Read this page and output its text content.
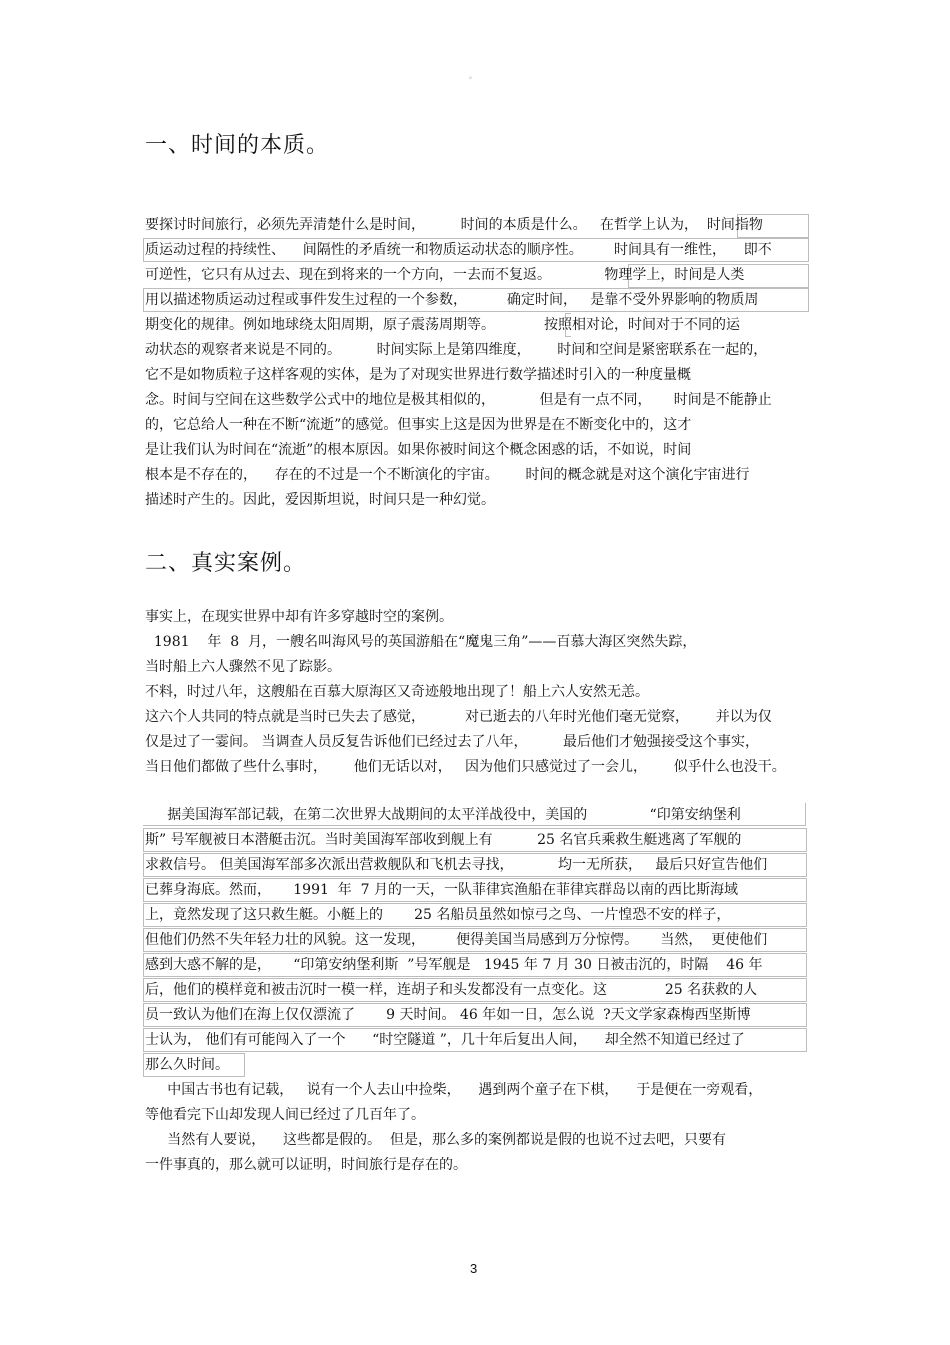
。
一、时间的本质。

要探讨时间旅行，必须先弄清楚什么是时间，        时间的本质是什么。   在哲学上认为，  时间指物

质运动过程的持续性、    间隔性的矛盾统一和物质运动状态的顺序性。       时间具有一维性，    即不

可逆性，它只有从过去、现在到将来的一个方向，一去而不复返。            物理学上，时间是人类

用以描述物质运动过程或事件发生过程的一个参数，         确定时间，   是靠不受外界影响的物质周

期变化的规律。例如地球绕太阳周期，原子震荡周期等。           按照相对论，时间对于不同的运

动状态的观察者来说是不同的。        时间实际上是第四维度，      时间和空间是紧密联系在一起的，

它不是如物质粒子这样客观的实体，是为了对现实世界进行数学描述时引入的一种度量概

念。时间与空间在这些数学公式中的地位是极其相似的，          但是有一点不同，     时间是不能静止

的，它总给人一种在不断“流逝”的感觉。但事实上这是因为世界是在不断变化中的，这才

是让我们认为时间在“流逝”的根本原因。如果你被时间这个概念困惑的话，不如说，时间

根本是不存在的，    存在的不过是一个不断演化的宇宙。      时间的概念就是对这个演化宇宙进行

描述时产生的。因此，爱因斯坦说，时间只是一种幻觉。

二、真实案例。

事实上，在现实世界中却有许多穿越时空的案例。

1981    年  8  月，一艘名叫海风号的英国游船在“魔鬼三角”——百慕大海区突然失踪，

当时船上六人骤然不见了踪影。

不料，时过八年，这艘船在百慕大原海区又奇迹般地出现了！船上六人安然无恙。

这六个人共同的特点就是当时已失去了感觉，         对已逝去的八年时光他们毫无觉察，      并以为仅

仅是过了一霎间。 当调查人员反复告诉他们已经过去了八年，        最后他们才勉强接受这个事实，

当日他们都做了些什么事时，      他们无话以对，   因为他们只感觉过了一会儿，      似乎什么也没干。

据美国海军部记载，在第二次世界大战期间的太平洋战役中，美国的              “印第安纳堡利

斯” 号军舰被日本潜艇击沉。当时美国海军部收到舰上有          25 名官兵乘救生艇逃离了军舰的

求救信号。 但美国海军部多次派出营救舰队和飞机去寻找，          均一无所获，   最后只好宣告他们

已葬身海底。然而，     1991  年  7 月的一天，一队菲律宾渔船在菲律宾群岛以南的西比斯海域

上，竟然发现了这只救生艇。小艇上的       25 名船员虽然如惊弓之鸟、一片惶恐不安的样子，

但他们仍然不失年轻力壮的风貌。这一发现，       便得美国当局感到万分惊愕。     当然，  更使他们

感到大惑不解的是，     “印第安纳堡利斯  ”号军舰是   1945 年 7 月 30 日被击沉的，时隔    46 年

后，他们的模样竟和被击沉时一模一样，连胡子和头发都没有一点变化。这             25 名获救的人

员一致认为他们在海上仅仅漂流了       9 天时间。 46 年如一日，怎么说  ?天文学家森梅西坚斯博

士认为， 他们有可能闯入了一个      “时空隧道 ”，几十年后复出人间，    却全然不知道已经过了

那么久时间。

中国古书也有记载，   说有一个人去山中捡柴，    遇到两个童子在下棋，    于是便在一旁观看，

等他看完下山却发现人间已经过了几百年了。

当然有人要说，    这些都是假的。  但是，那么多的案例都说是假的也说不过去吧，只要有

一件事真的，那么就可以证明，时间旅行是存在的。

3
